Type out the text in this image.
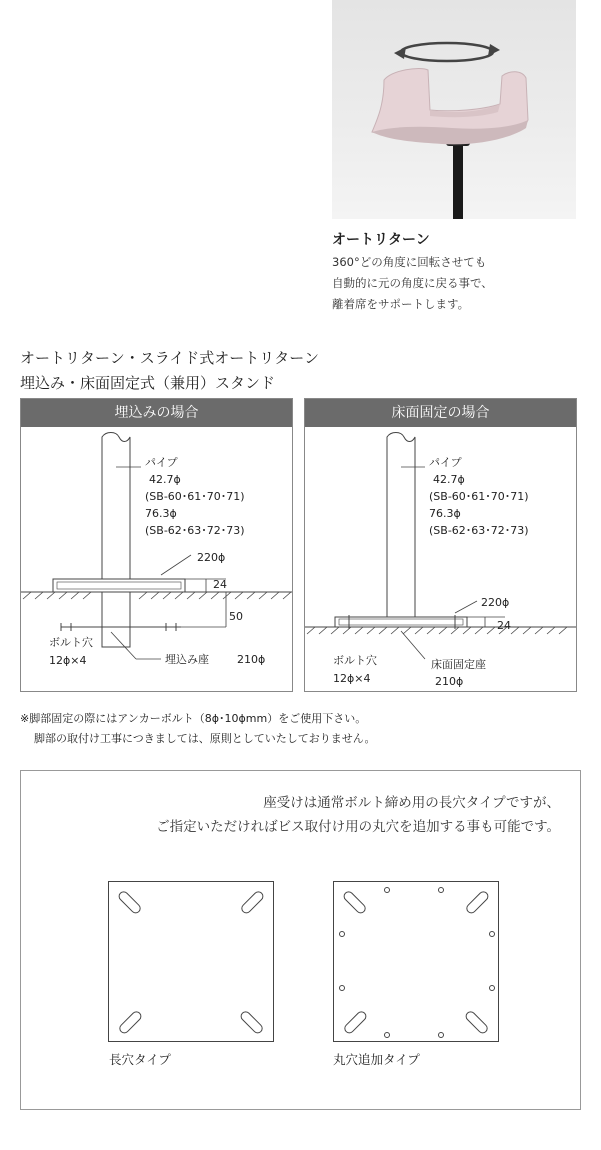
オートリターン
360°どの角度に回転させても
自動的に元の角度に戻る事で、
離着席をサポートします。
オートリターン・スライド式オートリターン
埋込み・床面固定式（兼用）スタンド
埋込みの場合
パイプ
42.7ϕ
(SB-60･61･70･71)
76.3ϕ
(SB-62･63･72･73)
220ϕ
24
50
ボルト穴
12ϕ×4	埋込み座	210ϕ
床面固定の場合
パイプ
42.7ϕ
(SB-60･61･70･71)
76.3ϕ
(SB-62･63･72･73)
220ϕ
24
ボルト穴
12ϕ×4
床面固定座
210ϕ
※脚部固定の際にはアンカーボルト（8ϕ･10ϕmm）をご使用下さい。
脚部の取付け工事につきましては、原則としていたしておりません。
座受けは通常ボルト締め用の長穴タイプですが、
ご指定いただければビス取付け用の丸穴を追加する事も可能です。
長穴タイプ	丸穴追加タイプ
